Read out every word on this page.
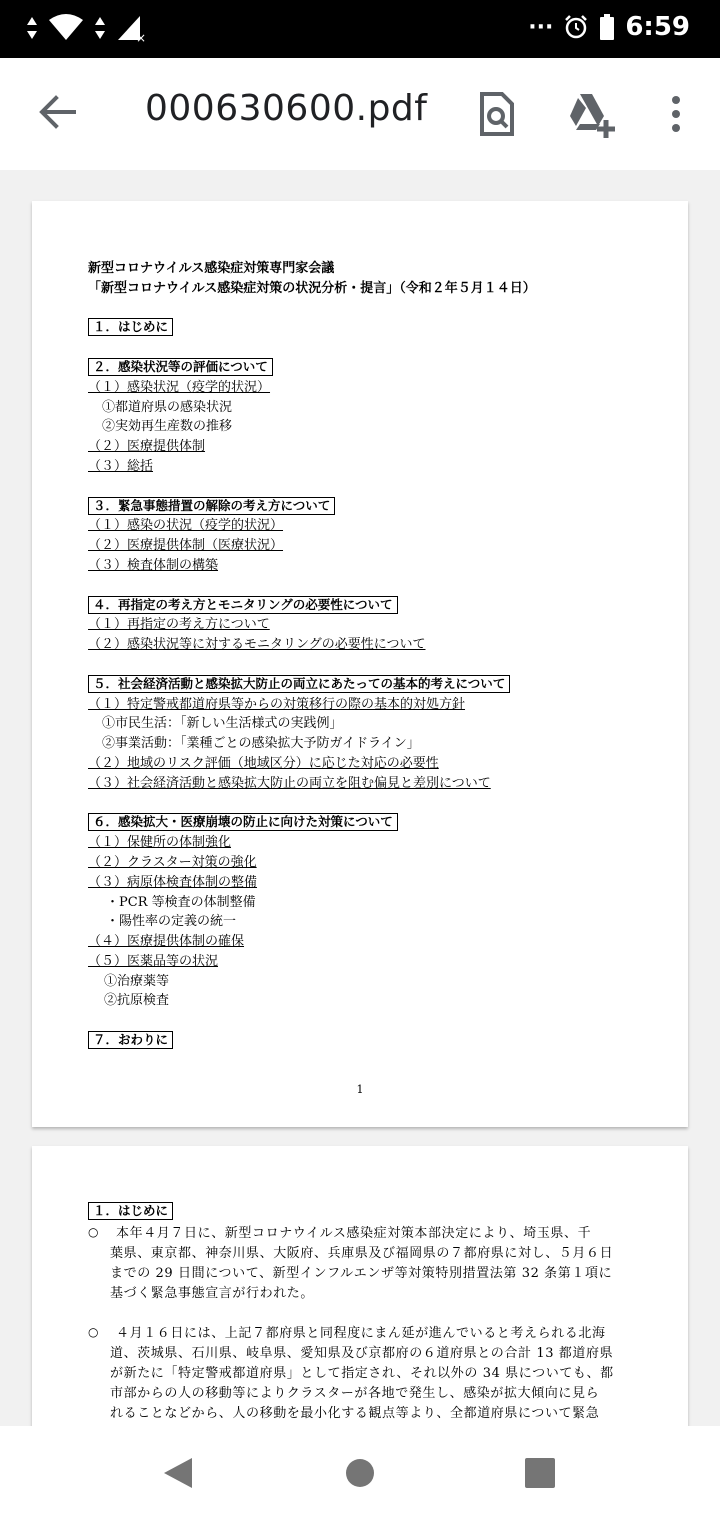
×	···	6:59
000630600.pdf
新型コロナウイルス感染症対策専門家会議
「新型コロナウイルス感染症対策の状況分析・提言」（令和２年５月１４日）
１．はじめに
２．感染状況等の評価について
（１）感染状況（疫学的状況）
①都道府県の感染状況
②実効再生産数の推移
（２）医療提供体制
（３）総括
３．緊急事態措置の解除の考え方について
（１）感染の状況（疫学的状況）
（２）医療提供体制（医療状況）
（３）検査体制の構築
４．再指定の考え方とモニタリングの必要性について
（１）再指定の考え方について
（２）感染状況等に対するモニタリングの必要性について
５．社会経済活動と感染拡大防止の両立にあたっての基本的考えについて
（１）特定警戒都道府県等からの対策移行の際の基本的対処方針
①市民生活：「新しい生活様式の実践例」
②事業活動：「業種ごとの感染拡大予防ガイドライン」
（２）地域のリスク評価（地域区分）に応じた対応の必要性
（３）社会経済活動と感染拡大防止の両立を阻む偏見と差別について
６．感染拡大・医療崩壊の防止に向けた対策について
（１）保健所の体制強化
（２）クラスター対策の強化
（３）病原体検査体制の整備
・PCR 等検査の体制整備
・陽性率の定義の統一
（４）医療提供体制の確保
（５）医薬品等の状況
①治療薬等
②抗原検査
７．おわりに
1
１．はじめに
○	本年４月７日に、新型コロナウイルス感染症対策本部決定により、埼玉県、千
葉県、東京都、神奈川県、大阪府、兵庫県及び福岡県の７都府県に対し、５月６日
までの 29 日間について、新型インフルエンザ等対策特別措置法第 32 条第１項に
基づく緊急事態宣言が行われた。
○	４月１６日には、上記７都府県と同程度にまん延が進んでいると考えられる北海
道、茨城県、石川県、岐阜県、愛知県及び京都府の６道府県との合計 13 都道府県
が新たに「特定警戒都道府県」として指定され、それ以外の 34 県についても、都
市部からの人の移動等によりクラスターが各地で発生し、感染が拡大傾向に見ら
れることなどから、人の移動を最小化する観点等より、全都道府県について緊急
